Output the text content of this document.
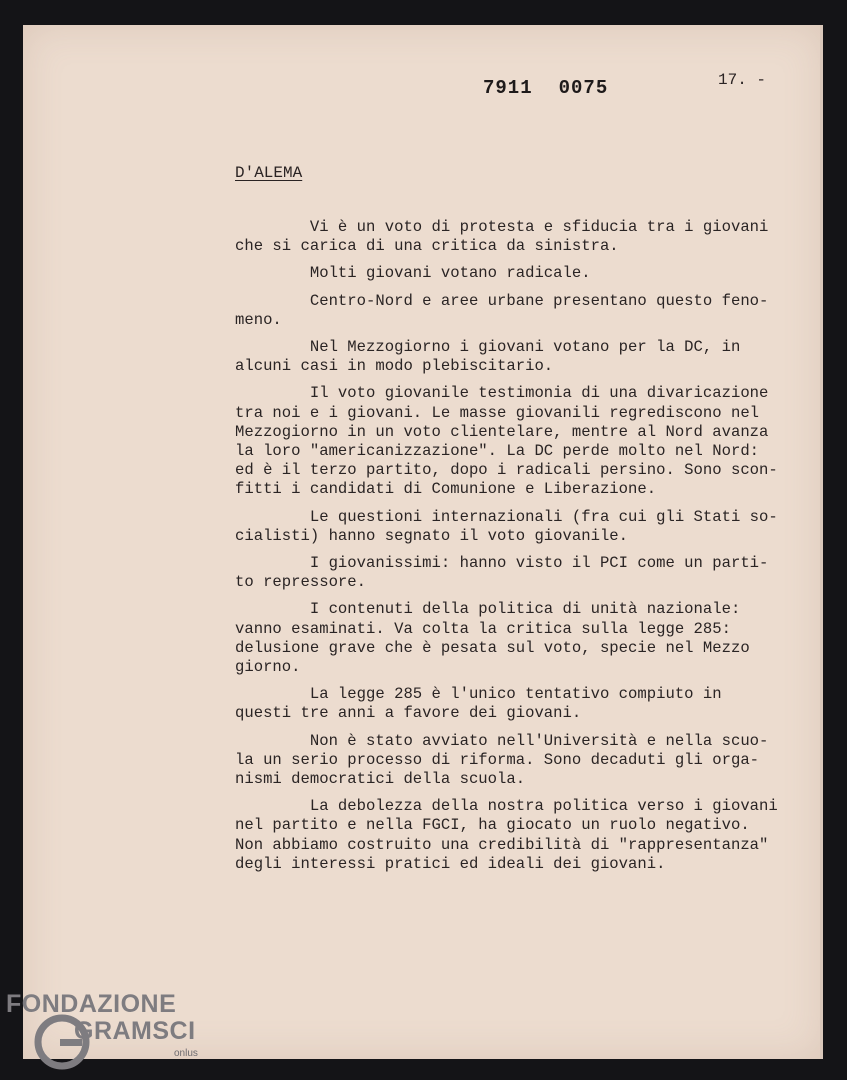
7911 0075	17. -
D'ALEMA

Vi è un voto di protesta e sfiducia tra i giovani
che si carica di una critica da sinistra.

Molti giovani votano radicale.

Centro-Nord e aree urbane presentano questo feno-
meno.

Nel Mezzogiorno i giovani votano per la DC, in
alcuni casi in modo plebiscitario.

Il voto giovanile testimonia di una divaricazione
tra noi e i giovani. Le masse giovanili regrediscono nel
Mezzogiorno in un voto clientelare, mentre al Nord avanza
la loro "americanizzazione". La DC perde molto nel Nord:
ed è il terzo partito, dopo i radicali persino. Sono scon-
fitti i candidati di Comunione e Liberazione.

Le questioni internazionali (fra cui gli Stati so-
cialisti) hanno segnato il voto giovanile.

I giovanissimi: hanno visto il PCI come un parti-
to repressore.

I contenuti della politica di unità nazionale:
vanno esaminati. Va colta la critica sulla legge 285:
delusione grave che è pesata sul voto, specie nel Mezzo
giorno.

La legge 285 è l'unico tentativo compiuto in
questi tre anni a favore dei giovani.

Non è stato avviato nell'Università e nella scuo-
la un serio processo di riforma. Sono decaduti gli orga-
nismi democratici della scuola.

La debolezza della nostra politica verso i giovani
nel partito e nella FGCI, ha giocato un ruolo negativo.
Non abbiamo costruito una credibilità di "rappresentanza"
degli interessi pratici ed ideali dei giovani.

FONDAZIONE
GRAMSCI
onlus
